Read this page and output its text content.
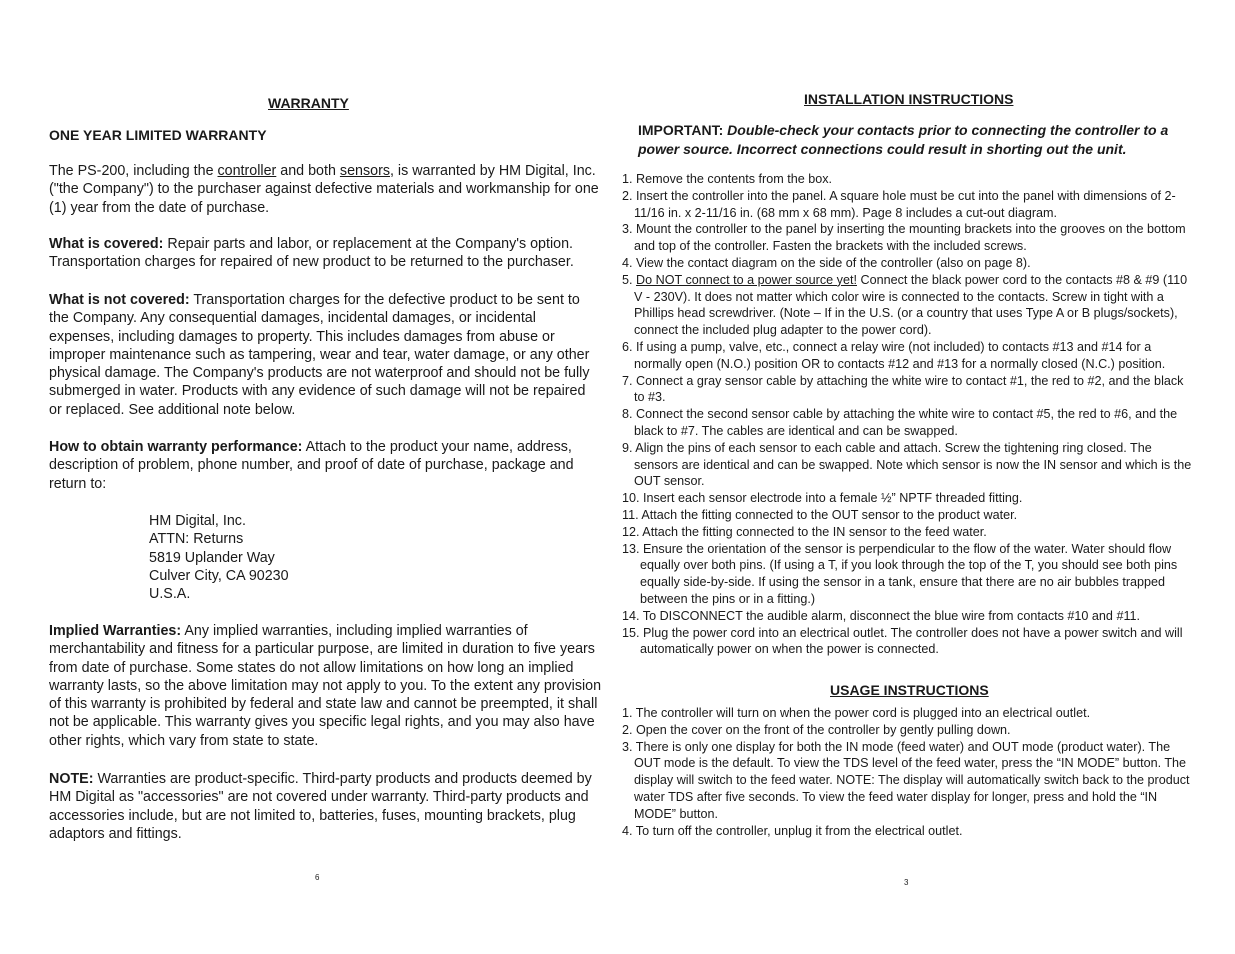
WARRANTY
ONE YEAR LIMITED WARRANTY

The PS-200, including the controller and both sensors, is warranted by HM Digital, Inc. ("the Company") to the purchaser against defective materials and workmanship for one (1) year from the date of purchase.

What is covered: Repair parts and labor, or replacement at the Company's option. Transportation charges for repaired of new product to be returned to the purchaser.

What is not covered: Transportation charges for the defective product to be sent to the Company. Any consequential damages, incidental damages, or incidental expenses, including damages to property. This includes damages from abuse or improper maintenance such as tampering, wear and tear, water damage, or any other physical damage. The Company's products are not waterproof and should not be fully submerged in water. Products with any evidence of such damage will not be repaired or replaced. See additional note below.

How to obtain warranty performance: Attach to the product your name, address, description of problem, phone number, and proof of date of purchase, package and return to:

HM Digital, Inc.
ATTN: Returns
5819 Uplander Way
Culver City, CA 90230
U.S.A.

Implied Warranties: Any implied warranties, including implied warranties of merchantability and fitness for a particular purpose, are limited in duration to five years from date of purchase. Some states do not allow limitations on how long an implied warranty lasts, so the above limitation may not apply to you. To the extent any provision of this warranty is prohibited by federal and state law and cannot be preempted, it shall not be applicable. This warranty gives you specific legal rights, and you may also have other rights, which vary from state to state.

NOTE: Warranties are product-specific. Third-party products and products deemed by HM Digital as "accessories" are not covered under warranty. Third-party products and accessories include, but are not limited to, batteries, fuses, mounting brackets, plug adaptors and fittings.

6
INSTALLATION INSTRUCTIONS

IMPORTANT: Double-check your contacts prior to connecting the controller to a power source. Incorrect connections could result in shorting out the unit.

1. Remove the contents from the box.
2. Insert the controller into the panel. A square hole must be cut into the panel with dimensions of 2-11/16 in. x 2-11/16 in. (68 mm x 68 mm). Page 8 includes a cut-out diagram.
3. Mount the controller to the panel by inserting the mounting brackets into the grooves on the bottom and top of the controller. Fasten the brackets with the included screws.
4. View the contact diagram on the side of the controller (also on page 8).
5. Do NOT connect to a power source yet! Connect the black power cord to the contacts #8 & #9 (110 V - 230V). It does not matter which color wire is connected to the contacts. Screw in tight with a Phillips head screwdriver. (Note – If in the U.S. (or a country that uses Type A or B plugs/sockets), connect the included plug adapter to the power cord).
6. If using a pump, valve, etc., connect a relay wire (not included) to contacts #13 and #14 for a normally open (N.O.) position OR to contacts #12 and #13 for a normally closed (N.C.) position.
7. Connect a gray sensor cable by attaching the white wire to contact #1, the red to #2, and the black to #3.
8. Connect the second sensor cable by attaching the white wire to contact #5, the red to #6, and the black to #7. The cables are identical and can be swapped.
9. Align the pins of each sensor to each cable and attach. Screw the tightening ring closed. The sensors are identical and can be swapped. Note which sensor is now the IN sensor and which is the OUT sensor.
10. Insert each sensor electrode into a female ½” NPTF threaded fitting.
11. Attach the fitting connected to the OUT sensor to the product water.
12. Attach the fitting connected to the IN sensor to the feed water.
13. Ensure the orientation of the sensor is perpendicular to the flow of the water. Water should flow equally over both pins. (If using a T, if you look through the top of the T, you should see both pins equally side-by-side. If using the sensor in a tank, ensure that there are no air bubbles trapped between the pins or in a fitting.)
14. To DISCONNECT the audible alarm, disconnect the blue wire from contacts #10 and #11.
15. Plug the power cord into an electrical outlet. The controller does not have a power switch and will automatically power on when the power is connected.
USAGE INSTRUCTIONS
1. The controller will turn on when the power cord is plugged into an electrical outlet.
2. Open the cover on the front of the controller by gently pulling down.
3. There is only one display for both the IN mode (feed water) and OUT mode (product water). The OUT mode is the default. To view the TDS level of the feed water, press the “IN MODE” button. The display will switch to the feed water. NOTE: The display will automatically switch back to the product water TDS after five seconds. To view the feed water display for longer, press and hold the “IN MODE” button.
4. To turn off the controller, unplug it from the electrical outlet.
3
